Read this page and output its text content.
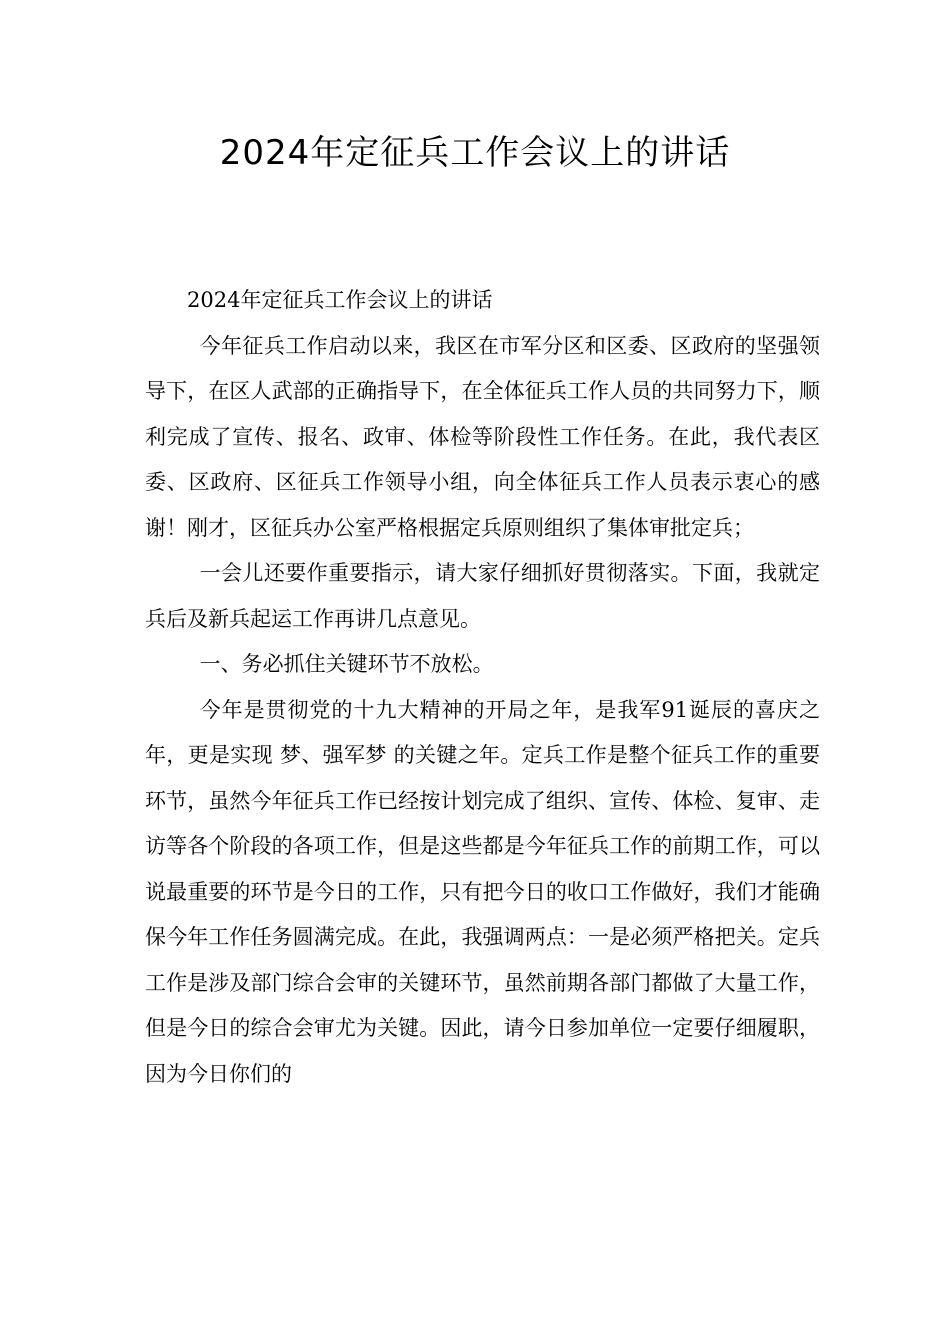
2024年定征兵工作会议上的讲话

2024年定征兵工作会议上的讲话

今年征兵工作启动以来，我区在市军分区和区委、区政府的坚强领导下，在区人武部的正确指导下，在全体征兵工作人员的共同努力下，顺利完成了宣传、报名、政审、体检等阶段性工作任务。在此，我代表区委、区政府、区征兵工作领导小组，向全体征兵工作人员表示衷心的感谢！刚才，区征兵办公室严格根据定兵原则组织了集体审批定兵；

一会儿还要作重要指示，请大家仔细抓好贯彻落实。下面，我就定兵后及新兵起运工作再讲几点意见。

一、务必抓住关键环节不放松。

今年是贯彻党的十九大精神的开局之年，是我军91诞辰的喜庆之年，更是实现 梦、强军梦 的关键之年。定兵工作是整个征兵工作的重要环节，虽然今年征兵工作已经按计划完成了组织、宣传、体检、复审、走访等各个阶段的各项工作，但是这些都是今年征兵工作的前期工作，可以说最重要的环节是今日的工作，只有把今日的收口工作做好，我们才能确保今年工作任务圆满完成。在此，我强调两点：一是必须严格把关。定兵工作是涉及部门综合会审的关键环节，虽然前期各部门都做了大量工作，但是今日的综合会审尤为关键。因此，请今日参加单位一定要仔细履职，因为今日你们的
